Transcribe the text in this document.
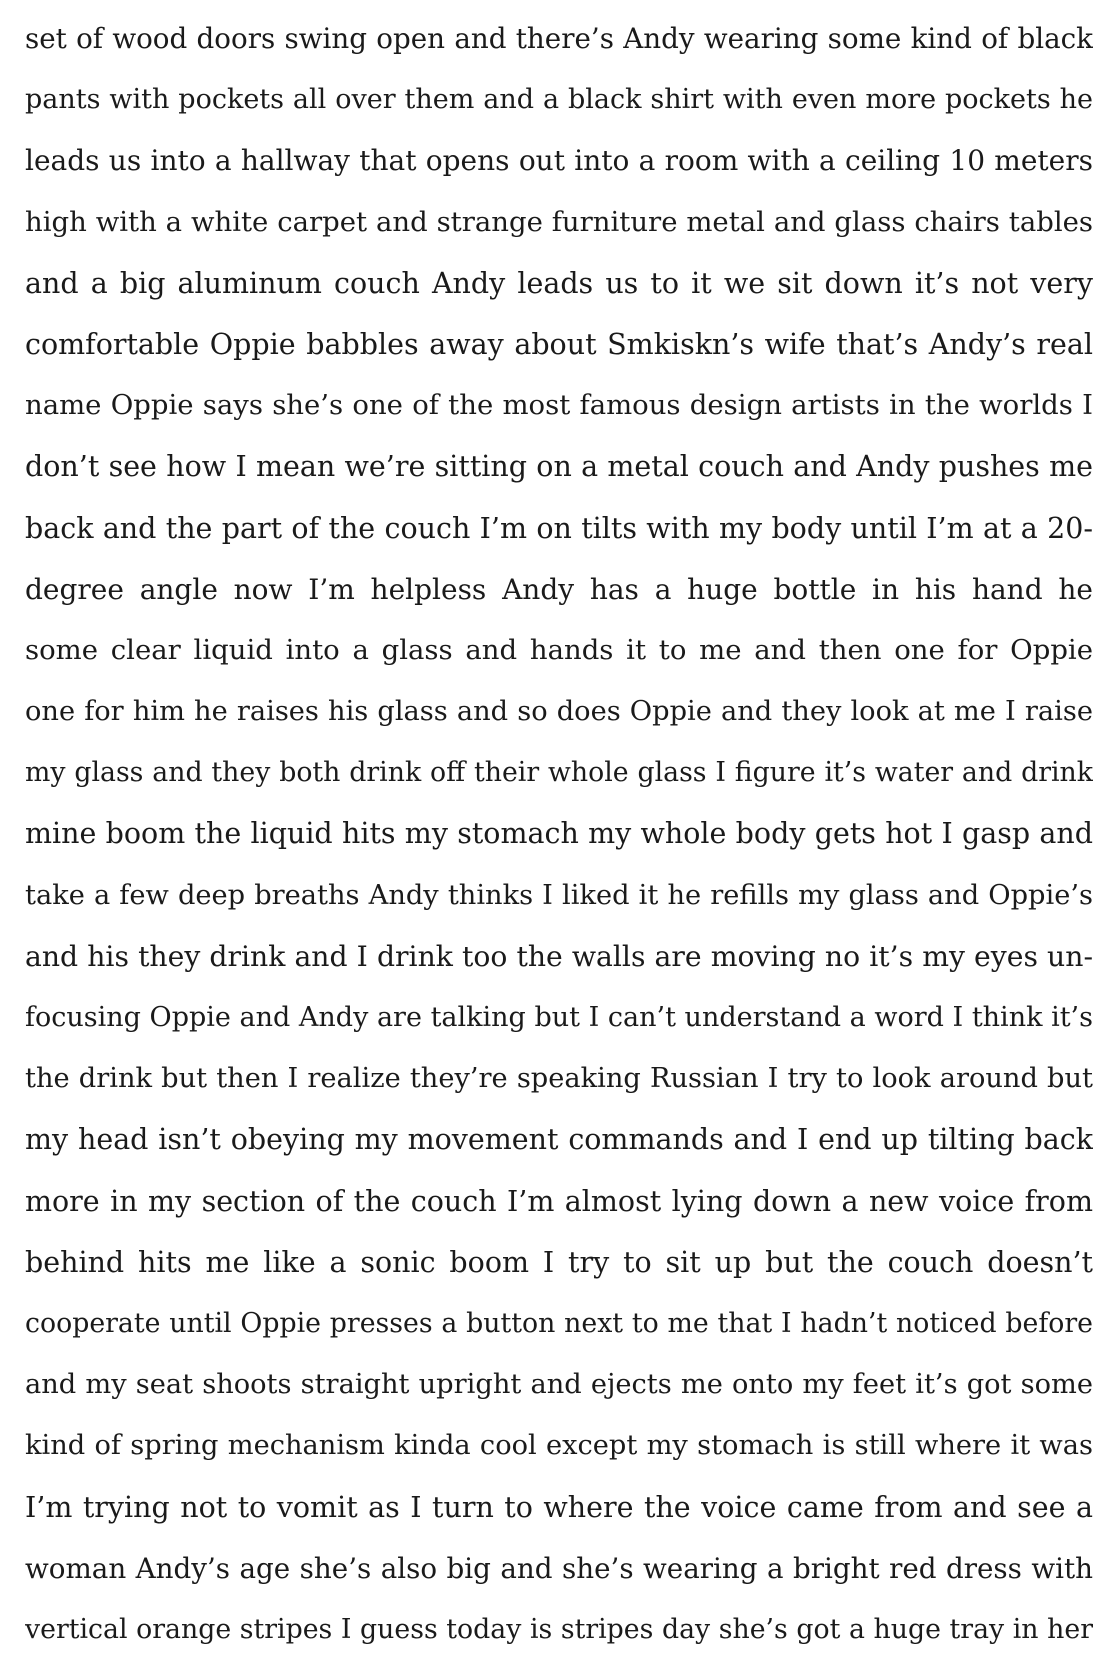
set of wood doors swing open and there’s Andy wearing some kind of black
pants with pockets all over them and a black shirt with even more pockets he
leads us into a hallway that opens out into a room with a ceiling 10 meters
high with a white carpet and strange furniture metal and glass chairs tables
and a big aluminum couch Andy leads us to it we sit down it’s not very
comfortable Oppie babbles away about Smkiskn’s wife that’s Andy’s real
name Oppie says she’s one of the most famous design artists in the worlds I
don’t see how I mean we’re sitting on a metal couch and Andy pushes me
back and the part of the couch I’m on tilts with my body until I’m at a 20-
degree angle now I’m helpless Andy has a huge bottle in his hand he
some clear liquid into a glass and hands it to me and then one for Oppie
one for him he raises his glass and so does Oppie and they look at me I raise
my glass and they both drink off their whole glass I figure it’s water and drink
mine boom the liquid hits my stomach my whole body gets hot I gasp and
take a few deep breaths Andy thinks I liked it he refills my glass and Oppie’s
and his they drink and I drink too the walls are moving no it’s my eyes un-
focusing Oppie and Andy are talking but I can’t understand a word I think it’s
the drink but then I realize they’re speaking Russian I try to look around but
my head isn’t obeying my movement commands and I end up tilting back
more in my section of the couch I’m almost lying down a new voice from
behind hits me like a sonic boom I try to sit up but the couch doesn’t
cooperate until Oppie presses a button next to me that I hadn’t noticed before
and my seat shoots straight upright and ejects me onto my feet it’s got some
kind of spring mechanism kinda cool except my stomach is still where it was
I’m trying not to vomit as I turn to where the voice came from and see a
woman Andy’s age she’s also big and she’s wearing a bright red dress with
vertical orange stripes I guess today is stripes day she’s got a huge tray in her
